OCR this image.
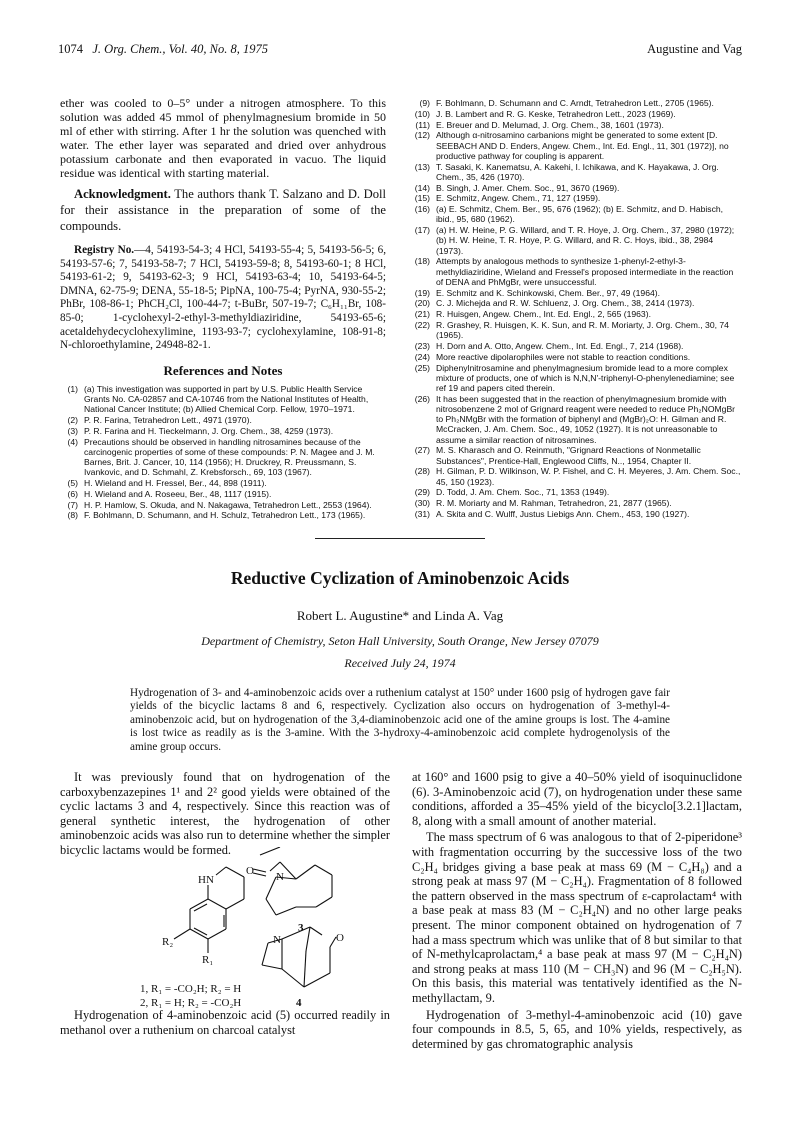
1074 J. Org. Chem., Vol. 40, No. 8, 1975	Augustine and Vag

ether was cooled to 0–5° under a nitrogen atmosphere. To this solution was added 45 mmol of phenylmagnesium bromide in 50 ml of ether with stirring. After 1 hr the solution was quenched with water. The ether layer was separated and dried over anhydrous potassium carbonate and then evaporated in vacuo. The liquid residue was identical with starting material.

Acknowledgment. The authors thank T. Salzano and D. Doll for their assistance in the preparation of some of the compounds.

Registry No.—4, 54193-54-3; 4 HCl, 54193-55-4; 5, 54193-56-5; 6, 54193-57-6; 7, 54193-58-7; 7 HCl, 54193-59-8; 8, 54193-60-1; 8 HCl, 54193-61-2; 9, 54193-62-3; 9 HCl, 54193-63-4; 10, 54193-64-5; DMNA, 62-75-9; DENA, 55-18-5; PipNA, 100-75-4; PyrNA, 930-55-2; PhBr, 108-86-1; PhCH₂Cl, 100-44-7; t-BuBr, 507-19-7; C₆H₁₁Br, 108-85-0; 1-cyclohexyl-2-ethyl-3-methyldiaziridine, 54193-65-6; acetaldehydecyclohexylimine, 1193-93-7; cyclohexylamine, 108-91-8; N-chloroethylamine, 24948-82-1.

References and Notes
(1) (a) This investigation was supported in part by U.S. Public Health Service Grants No. CA-02857 and CA-10746 from the National Institutes of Health, National Cancer Institute; (b) Allied Chemical Corp. Fellow, 1970–1971.
(2) P. R. Farina, Tetrahedron Lett., 4971 (1970).
(3) P. R. Farina and H. Tieckelmann, J. Org. Chem., 38, 4259 (1973).
(4) Precautions should be observed in handling nitrosamines because of the carcinogenic properties of some of these compounds: P. N. Magee and J. M. Barnes, Brit. J. Cancer, 10, 114 (1956); H. Druckrey, R. Preussmann, S. Ivankovic, and D. Schmahl, Z. Krebsforsch., 69, 103 (1967).
(5) H. Wieland and H. Fressel, Ber., 44, 898 (1911).
(6) H. Wieland and A. Roseeu, Ber., 48, 1117 (1915).
(7) H. P. Hamlow, S. Okuda, and N. Nakagawa, Tetrahedron Lett., 2553 (1964).
(8) F. Bohlmann, D. Schumann, and H. Schulz, Tetrahedron Lett., 173 (1965).
(9) F. Bohlmann, D. Schumann and C. Arndt, Tetrahedron Lett., 2705 (1965).
(10) J. B. Lambert and R. G. Keske, Tetrahedron Lett., 2023 (1969).
(11) E. Breuer and D. Melumad, J. Org. Chem., 38, 1601 (1973).
(12) Although α-nitrosamino carbanions might be generated to some extent [D. SEEBACH AND D. Enders, Angew. Chem., Int. Ed. Engl., 11, 301 (1972)], no productive pathway for coupling is apparent.
(13) T. Sasaki, K. Kanematsu, A. Kakehi, I. Ichikawa, and K. Hayakawa, J. Org. Chem., 35, 426 (1970).
(14) B. Singh, J. Amer. Chem. Soc., 91, 3670 (1969).
(15) E. Schmitz, Angew. Chem., 71, 127 (1959).
(16) (a) E. Schmitz, Chem. Ber., 95, 676 (1962); (b) E. Schmitz, and D. Habisch, ibid., 95, 680 (1962).
(17) (a) H. W. Heine, P. G. Willard, and T. R. Hoye, J. Org. Chem., 37, 2980 (1972); (b) H. W. Heine, T. R. Hoye, P. G. Willard, and R. C. Hoys, ibid., 38, 2984 (1973).
(18) Attempts by analogous methods to synthesize 1-phenyl-2-ethyl-3-methyldiaziridine, Wieland and Fressel's proposed intermediate in the reaction of DENA and PhMgBr, were unsuccessful.
(19) E. Schmitz and K. Schinkowski, Chem. Ber., 97, 49 (1964).
(20) C. J. Michejda and R. W. Schluenz, J. Org. Chem., 38, 2414 (1973).
(21) R. Huisgen, Angew. Chem., Int. Ed. Engl., 2, 565 (1963).
(22) R. Grashey, R. Huisgen, K. K. Sun, and R. M. Moriarty, J. Org. Chem., 30, 74 (1965).
(23) H. Dorn and A. Otto, Angew. Chem., Int. Ed. Engl., 7, 214 (1968).
(24) More reactive dipolarophiles were not stable to reaction conditions.
(25) Diphenylnitrosamine and phenylmagnesium bromide lead to a more complex mixture of products, one of which is N,N,N'-triphenyl-O-phenylenediamine; see ref 19 and papers cited therein.
(26) It has been suggested that in the reaction of phenylmagnesium bromide with nitrosobenzene 2 mol of Grignard reagent were needed to reduce Ph₂NOMgBr to Ph₂NMgBr with the formation of biphenyl and (MgBr)₂O: H. Gilman and R. McCracken, J. Am. Chem. Soc., 49, 1052 (1927). It is not unreasonable to assume a similar reaction of nitrosamines.
(27) M. S. Kharasch and O. Reinmuth, "Grignard Reactions of Nonmetallic Substances", Prentice-Hall, Englewood Cliffs, N.., 1954, Chapter II.
(28) H. Gilman, P. D. Wilkinson, W. P. Fishel, and C. H. Meyeres, J. Am. Chem. Soc., 45, 150 (1923).
(29) D. Todd, J. Am. Chem. Soc., 71, 1353 (1949).
(30) R. M. Moriarty and M. Rahman, Tetrahedron, 21, 2877 (1965).
(31) A. Skita and C. Wulff, Justus Liebigs Ann. Chem., 453, 190 (1927).
Reductive Cyclization of Aminobenzoic Acids
Robert L. Augustine* and Linda A. Vag
Department of Chemistry, Seton Hall University, South Orange, New Jersey 07079
Received July 24, 1974

Hydrogenation of 3- and 4-aminobenzoic acids over a ruthenium catalyst at 150° under 1600 psig of hydrogen gave fair yields of the bicyclic lactams 8 and 6, respectively. Cyclization also occurs on hydrogenation of 3-methyl-4-aminobenzoic acid, but on hydrogenation of the 3,4-diaminobenzoic acid one of the amine groups is lost. The 4-amine is lost twice as readily as is the 3-amine. With the 3-hydroxy-4-aminobenzoic acid complete hydrogenolysis of the amine group occurs.

It was previously found that on hydrogenation of the carboxybenzazepines 1¹ and 2² good yields were obtained of the cyclic lactams 3 and 4, respectively. Since this reaction was of general synthetic interest, the hydrogenation of other aminobenzoic acids was also run to determine whether the simpler bicyclic lactams would be formed.

O N
3
HN
R₂
R₁
N	O
4
1, R₁ = -CO₂H; R₂ = H
2, R₁ = H; R₂ = -CO₂H

Hydrogenation of 4-aminobenzoic acid (5) occurred readily in methanol over a ruthenium on charcoal catalyst

at 160° and 1600 psig to give a 40–50% yield of isoquinuclidone (6). 3-Aminobenzoic acid (7), on hydrogenation under these same conditions, afforded a 35–45% yield of the bicyclo[3.2.1]lactam, 8, along with a small amount of another material.

The mass spectrum of 6 was analogous to that of 2-piperidone³ with fragmentation occurring by the successive loss of the two C₂H₄ bridges giving a base peak at mass 69 (M − C₄H₈) and a strong peak at mass 97 (M − C₂H₄). Fragmentation of 8 followed the pattern observed in the mass spectrum of ε-caprolactam⁴ with a base peak at mass 83 (M − C₂H₄N) and no other large peaks present. The minor component obtained on hydrogenation of 7 had a mass spectrum which was unlike that of 8 but similar to that of N-methylcaprolactam,⁴ a base peak at mass 97 (M − C₂H₄N) and strong peaks at mass 110 (M − CH₃N) and 96 (M − C₂H₅N). On this basis, this material was tentatively identified as the N-methyllactam, 9.

Hydrogenation of 3-methyl-4-aminobenzoic acid (10) gave four compounds in 8.5, 5, 65, and 10% yields, respectively, as determined by gas chromatographic analysis
